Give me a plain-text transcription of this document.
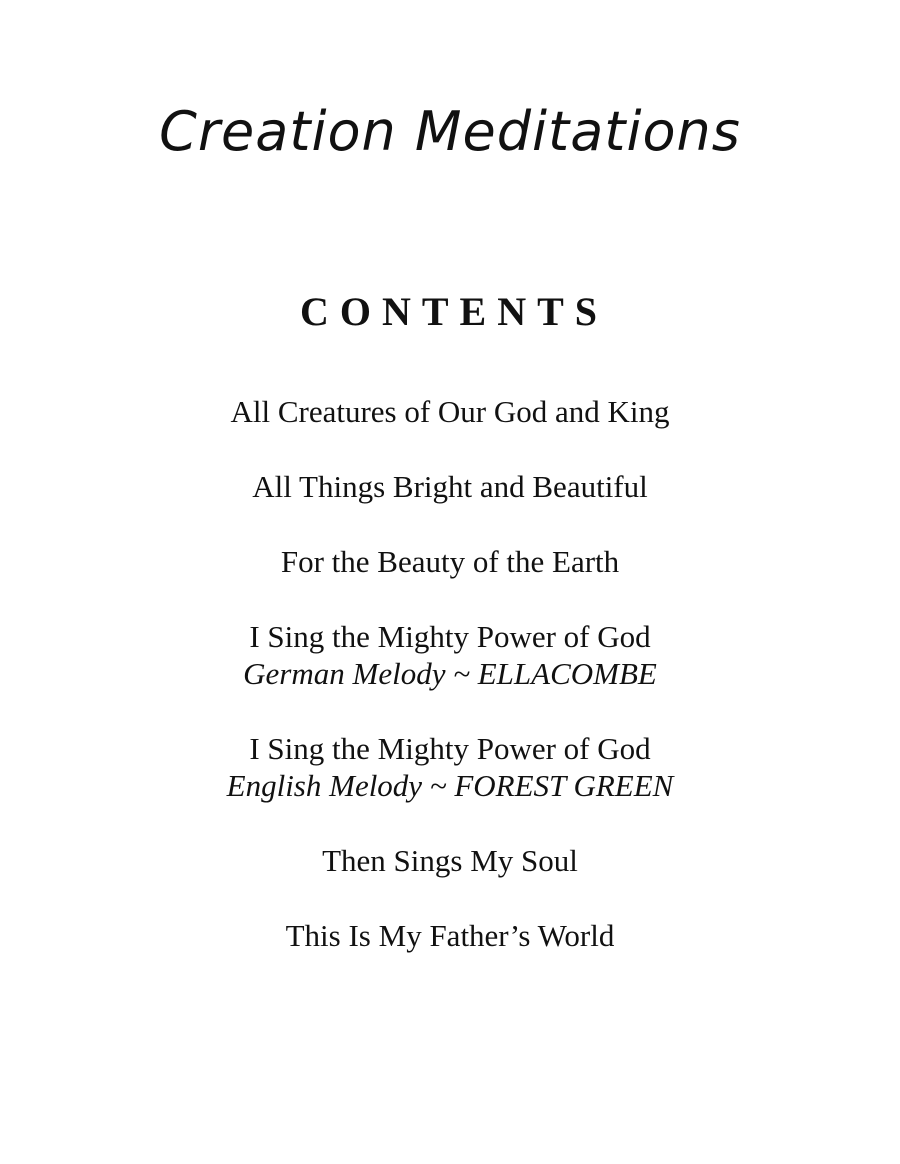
Creation Meditations
CONTENTS
All Creatures of Our God and King
All Things Bright and Beautiful
For the Beauty of the Earth
I Sing the Mighty Power of God
German Melody ~ ELLACOMBE
I Sing the Mighty Power of God
English Melody ~ FOREST GREEN
Then Sings My Soul
This Is My Father’s World
